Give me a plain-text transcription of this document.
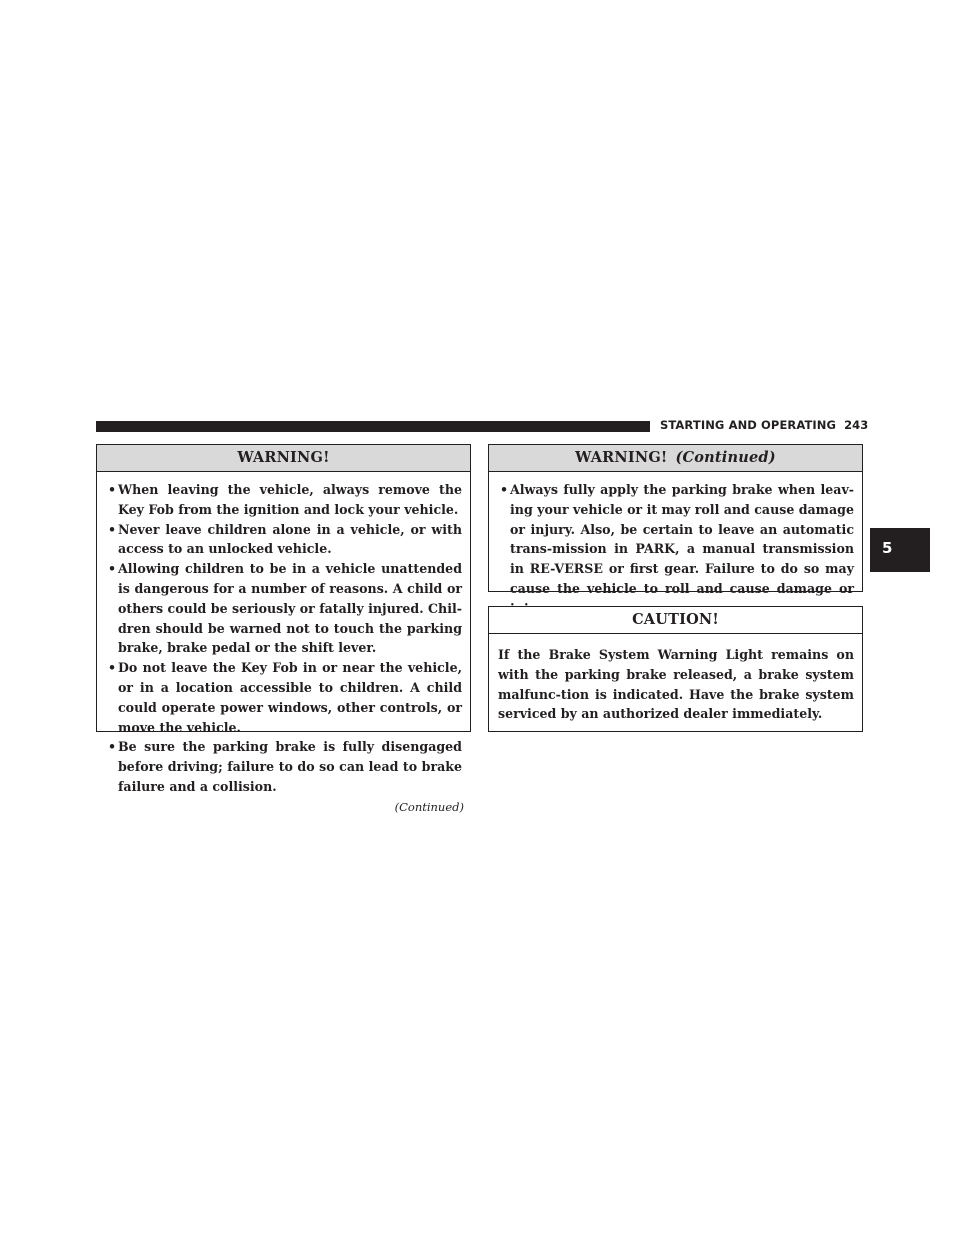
STARTING AND OPERATING 243
5
WARNING!
• When leaving the vehicle, always remove the Key Fob from the ignition and lock your vehicle.
• Never leave children alone in a vehicle, or with access to an unlocked vehicle.
• Allowing children to be in a vehicle unattended is dangerous for a number of reasons. A child or others could be seriously or fatally injured. Chil-dren should be warned not to touch the parking brake, brake pedal or the shift lever.
• Do not leave the Key Fob in or near the vehicle, or in a location accessible to children. A child could operate power windows, other controls, or move the vehicle.
• Be sure the parking brake is fully disengaged before driving; failure to do so can lead to brake failure and a collision.
(Continued)
WARNING! (Continued)
• Always fully apply the parking brake when leav-ing your vehicle or it may roll and cause damage or injury. Also, be certain to leave an automatic trans-mission in PARK, a manual transmission in RE-VERSE or first gear. Failure to do so may cause the vehicle to roll and cause damage or
CAUTION!
If the Brake System Warning Light remains on with the parking brake released, a brake system malfunc-tion is indicated. Have the brake system serviced by an authorized dealer immediately.
